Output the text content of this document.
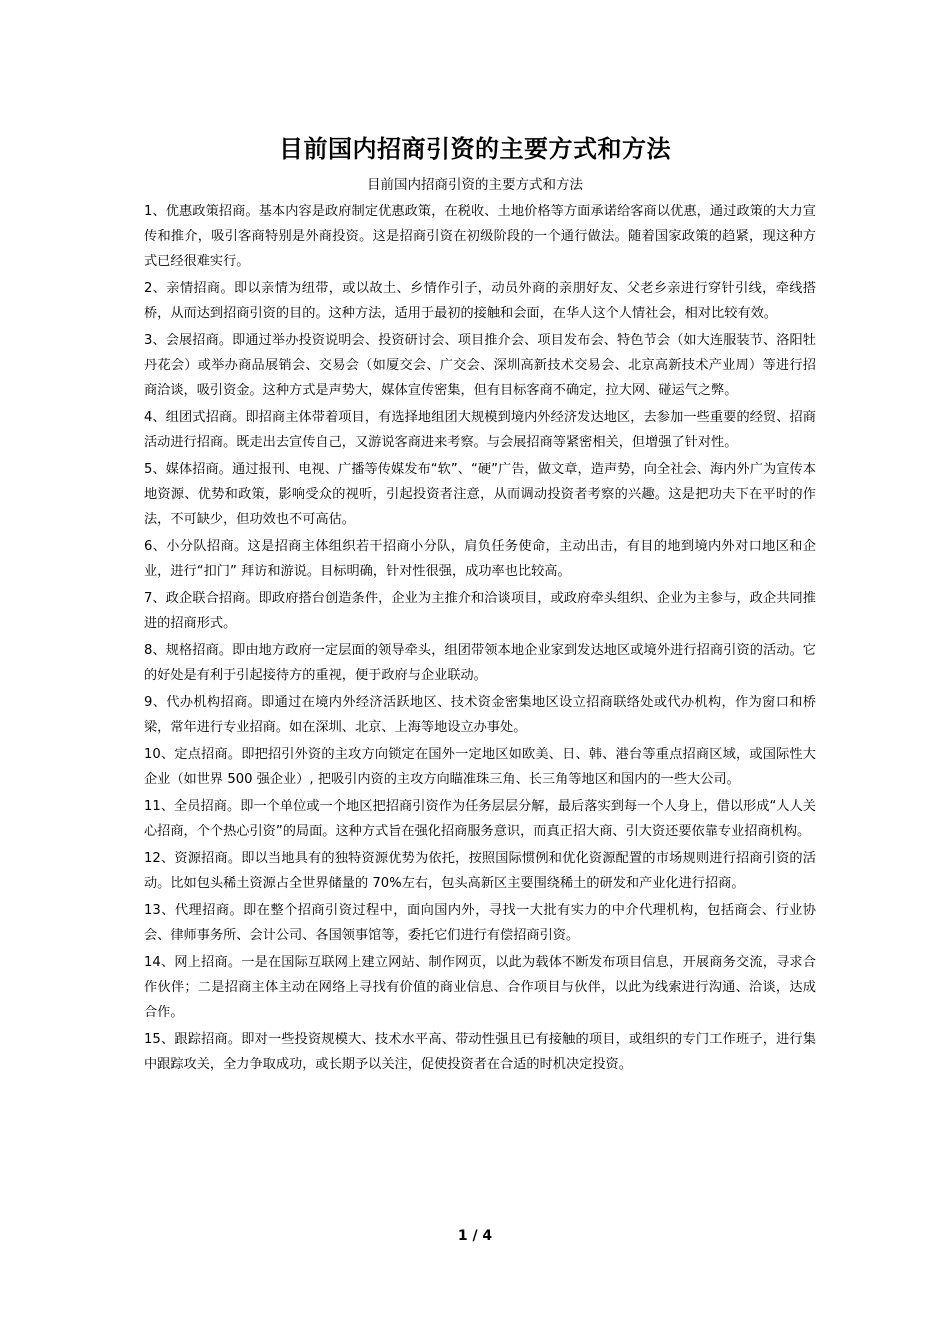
目前国内招商引资的主要方式和方法
目前国内招商引资的主要方式和方法

1、优惠政策招商。基本内容是政府制定优惠政策，在税收、土地价格等方面承诺给客商以优惠，通过政策的大力宣传和推介，吸引客商特别是外商投资。这是招商引资在初级阶段的一个通行做法。随着国家政策的趋紧，现这种方式已经很难实行。

2、亲情招商。即以亲情为纽带，或以故土、乡情作引子，动员外商的亲朋好友、父老乡亲进行穿针引线，牵线搭桥，从而达到招商引资的目的。这种方法，适用于最初的接触和会面，在华人这个人情社会，相对比较有效。

3、会展招商。即通过举办投资说明会、投资研讨会、项目推介会、项目发布会、特色节会（如大连服装节、洛阳牡丹花会）或举办商品展销会、交易会（如厦交会、广交会、深圳高新技术交易会、北京高新技术产业周）等进行招商洽谈，吸引资金。这种方式是声势大，媒体宣传密集，但有目标客商不确定，拉大网、碰运气之弊。

4、组团式招商。即招商主体带着项目，有选择地组团大规模到境内外经济发达地区，去参加一些重要的经贸、招商活动进行招商。既走出去宣传自己，又游说客商进来考察。与会展招商等紧密相关，但增强了针对性。

5、媒体招商。通过报刊、电视、广播等传媒发布“软”、“硬”广告，做文章，造声势，向全社会、海内外广为宣传本地资源、优势和政策，影响受众的视听，引起投资者注意，从而调动投资者考察的兴趣。这是把功夫下在平时的作法，不可缺少，但功效也不可高估。

6、小分队招商。这是招商主体组织若干招商小分队，肩负任务使命，主动出击，有目的地到境内外对口地区和企业，进行“扣门” 拜访和游说。目标明确，针对性很强，成功率也比较高。

7、政企联合招商。即政府搭台创造条件，企业为主推介和洽谈项目，或政府牵头组织、企业为主参与，政企共同推进的招商形式。

8、规格招商。即由地方政府一定层面的领导牵头，组团带领本地企业家到发达地区或境外进行招商引资的活动。它的好处是有利于引起接待方的重视，便于政府与企业联动。

9、代办机构招商。即通过在境内外经济活跃地区、技术资金密集地区设立招商联络处或代办机构，作为窗口和桥梁，常年进行专业招商。如在深圳、北京、上海等地设立办事处。

10、定点招商。即把招引外资的主攻方向锁定在国外一定地区如欧美、日、韩、港台等重点招商区域，或国际性大企业（如世界 500 强企业）, 把吸引内资的主攻方向瞄准珠三角、长三角等地区和国内的一些大公司。

11、全员招商。即一个单位或一个地区把招商引资作为任务层层分解，最后落实到每一个人身上，借以形成“人人关心招商，个个热心引资”的局面。这种方式旨在强化招商服务意识，而真正招大商、引大资还要依靠专业招商机构。

12、资源招商。即以当地具有的独特资源优势为依托，按照国际惯例和优化资源配置的市场规则进行招商引资的活动。比如包头稀土资源占全世界储量的 70%左右，包头高新区主要围绕稀土的研发和产业化进行招商。

13、代理招商。即在整个招商引资过程中，面向国内外，寻找一大批有实力的中介代理机构，包括商会、行业协会、律师事务所、会计公司、各国领事馆等，委托它们进行有偿招商引资。

14、网上招商。一是在国际互联网上建立网站、制作网页，以此为载体不断发布项目信息，开展商务交流，寻求合作伙伴；二是招商主体主动在网络上寻找有价值的商业信息、合作项目与伙伴，以此为线索进行沟通、洽谈，达成合作。

15、跟踪招商。即对一些投资规模大、技术水平高、带动性强且已有接触的项目，或组织的专门工作班子，进行集中跟踪攻关，全力争取成功，或长期予以关注，促使投资者在合适的时机决定投资。

1 / 4
